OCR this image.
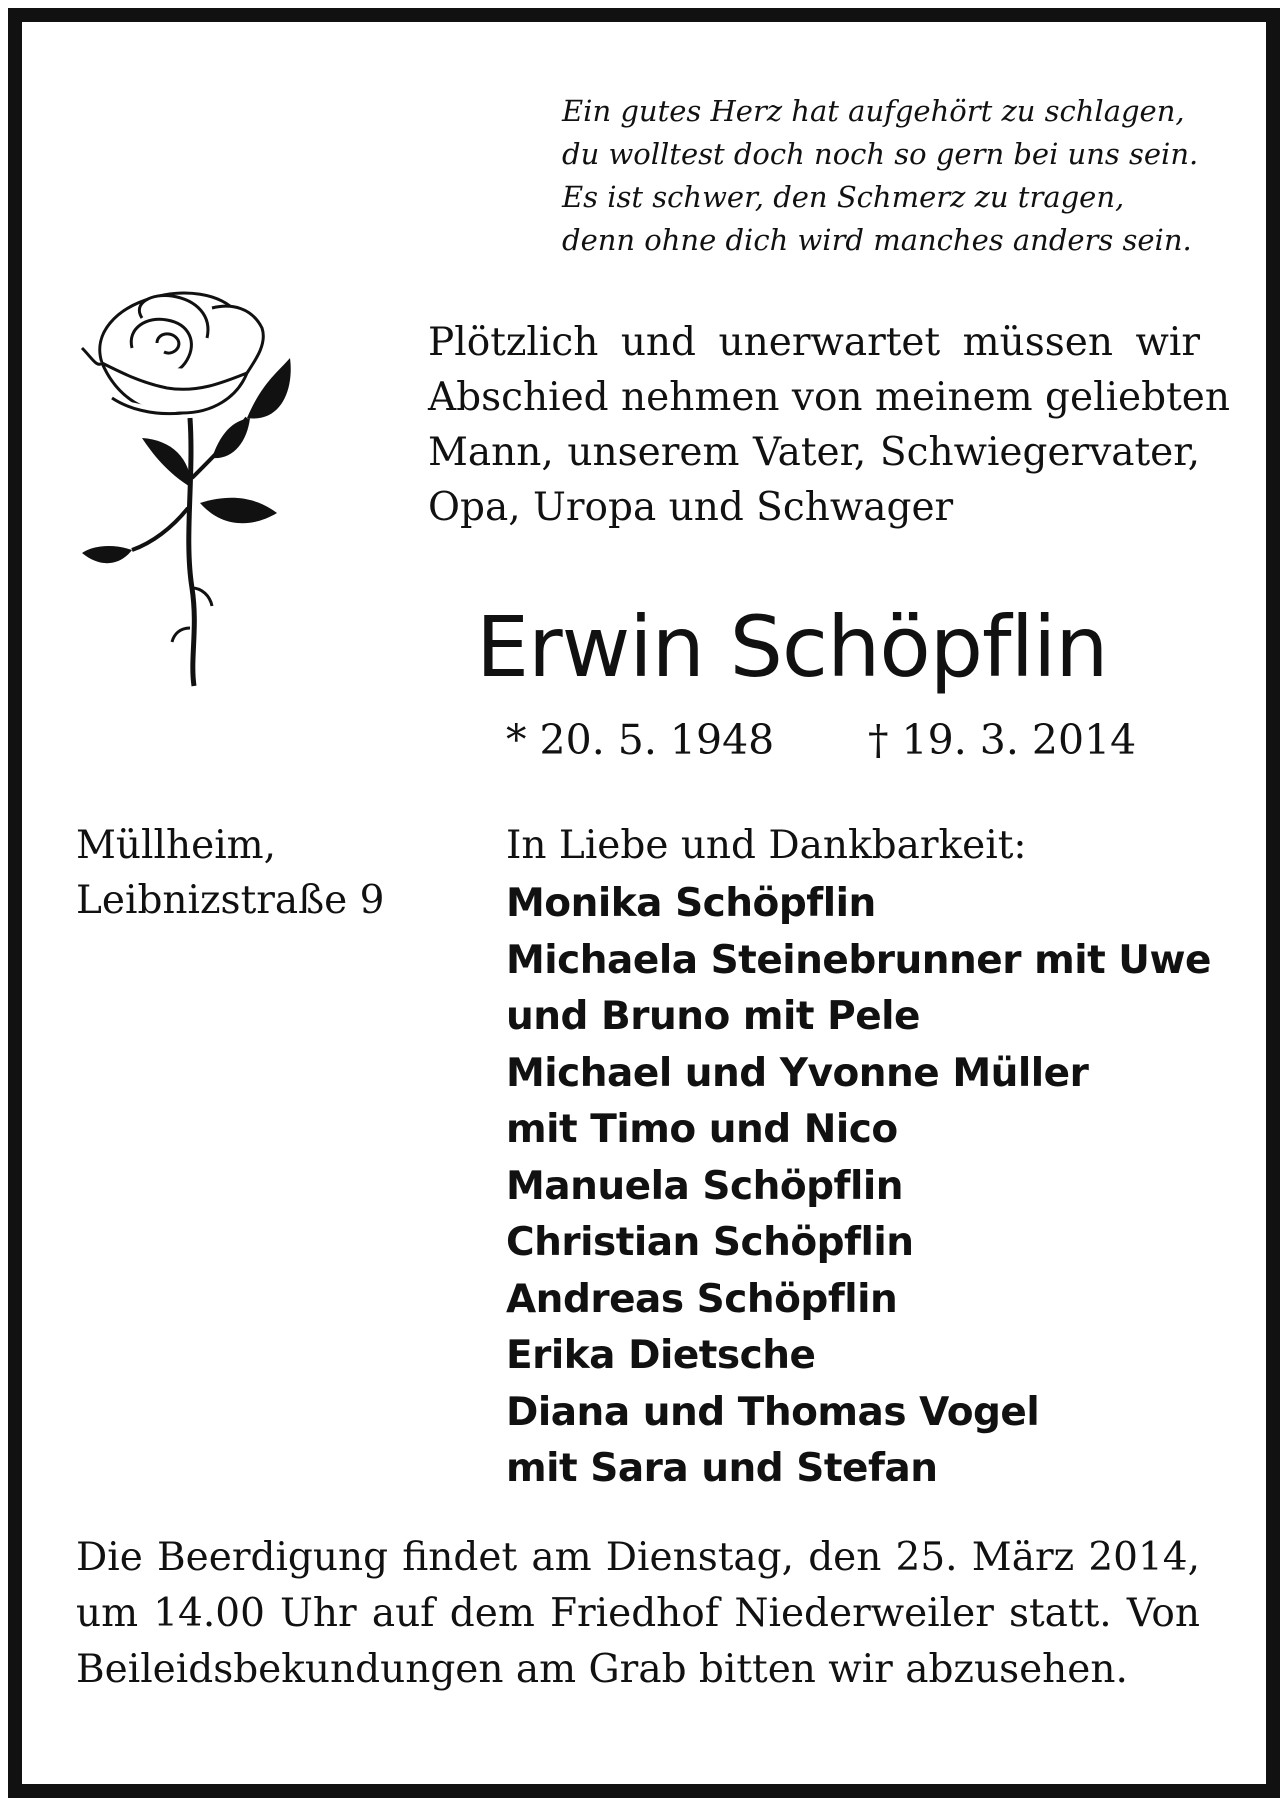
Ein gutes Herz hat aufgehört zu schlagen,
du wolltest doch noch so gern bei uns sein.
Es ist schwer, den Schmerz zu tragen,
denn ohne dich wird manches anders sein.
Plötzlich und unerwartet müssen wir
Abschied nehmen von meinem geliebten
Mann, unserem Vater, Schwiegervater,
Opa, Uropa und Schwager
Erwin Schöpflin
* 20. 5. 1948 † 19. 3. 2014
Müllheim,
Leibnizstraße 9
In Liebe und Dankbarkeit:
Monika Schöpflin
Michaela Steinebrunner mit Uwe
und Bruno mit Pele
Michael und Yvonne Müller
mit Timo und Nico
Manuela Schöpflin
Christian Schöpflin
Andreas Schöpflin
Erika Dietsche
Diana und Thomas Vogel
mit Sara und Stefan
Die Beerdigung findet am Dienstag, den 25. März 2014,
um 14.00 Uhr auf dem Friedhof Niederweiler statt. Von
Beileidsbekundungen am Grab bitten wir abzusehen.
